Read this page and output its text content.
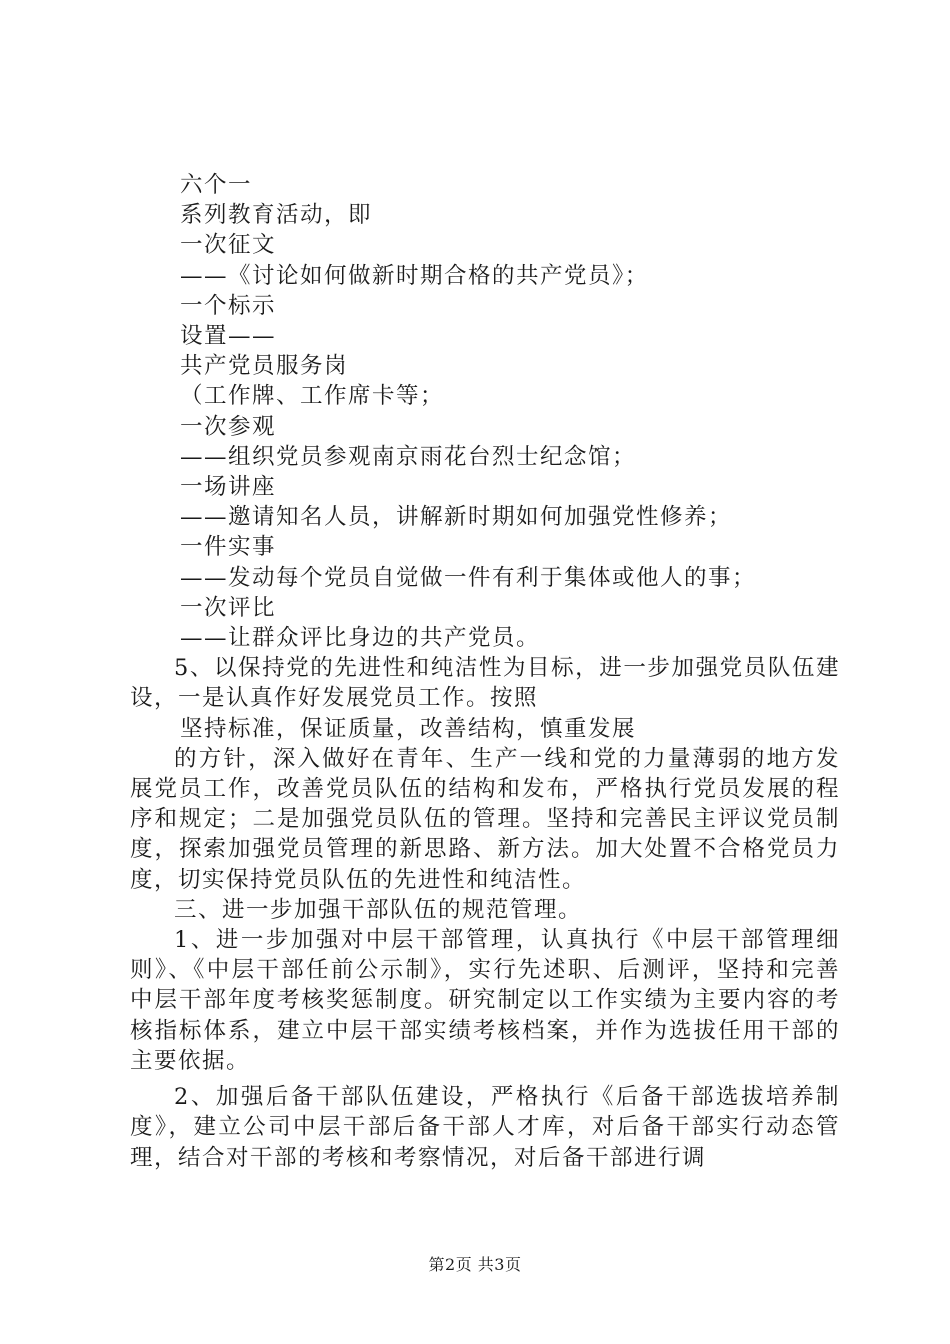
六个一

系列教育活动，即

一次征文

——《讨论如何做新时期合格的共产党员》；

一个标示

设置——

共产党员服务岗

（工作牌、工作席卡等；

一次参观

——组织党员参观南京雨花台烈士纪念馆；

一场讲座

——邀请知名人员，讲解新时期如何加强党性修养；

一件实事

——发动每个党员自觉做一件有利于集体或他人的事；

一次评比

——让群众评比身边的共产党员。

5、以保持党的先进性和纯洁性为目标，进一步加强党员队伍建设，一是认真作好发展党员工作。按照

坚持标准，保证质量，改善结构，慎重发展

的方针，深入做好在青年、生产一线和党的力量薄弱的地方发展党员工作，改善党员队伍的结构和发布，严格执行党员发展的程序和规定；二是加强党员队伍的管理。坚持和完善民主评议党员制度，探索加强党员管理的新思路、新方法。加大处置不合格党员力度，切实保持党员队伍的先进性和纯洁性。

三、进一步加强干部队伍的规范管理。

1、进一步加强对中层干部管理，认真执行《中层干部管理细则》、《中层干部任前公示制》，实行先述职、后测评，坚持和完善中层干部年度考核奖惩制度。研究制定以工作实绩为主要内容的考核指标体系，建立中层干部实绩考核档案，并作为选拔任用干部的主要依据。

2、加强后备干部队伍建设，严格执行《后备干部选拔培养制度》，建立公司中层干部后备干部人才库，对后备干部实行动态管理，结合对干部的考核和考察情况，对后备干部进行调

第2页 共3页
